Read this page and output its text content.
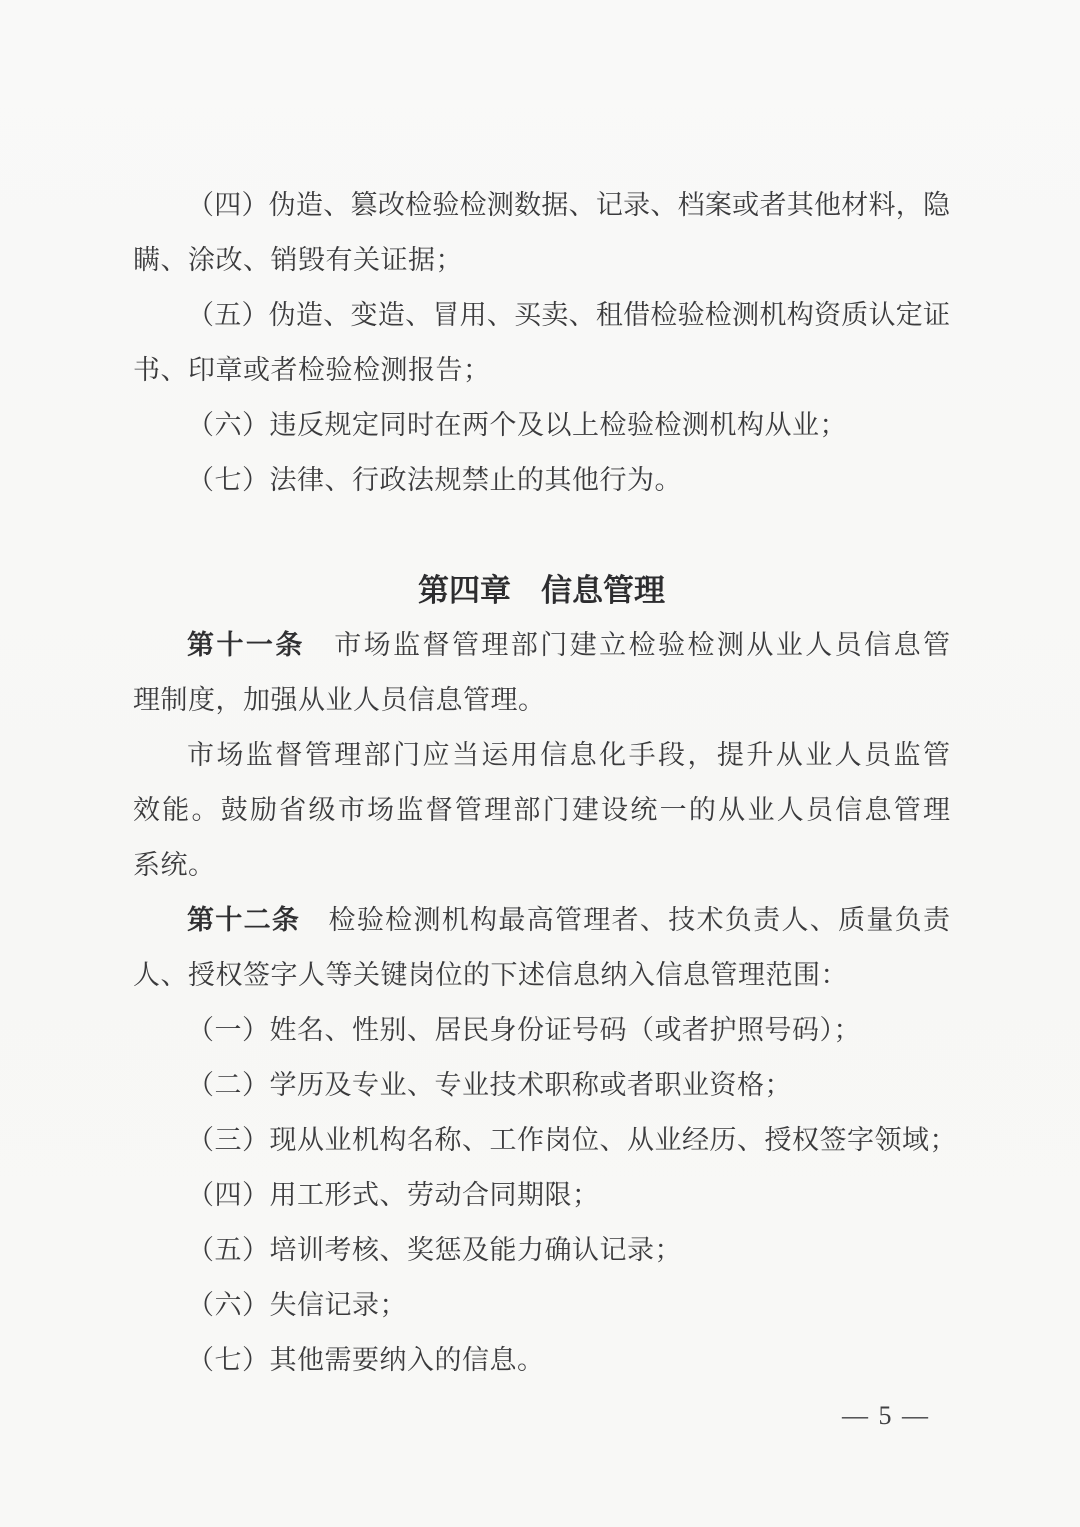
（四）伪造、篡改检验检测数据、记录、档案或者其他材料，隐
瞒、涂改、销毁有关证据；
（五）伪造、变造、冒用、买卖、租借检验检测机构资质认定证
书、印章或者检验检测报告；
（六）违反规定同时在两个及以上检验检测机构从业；
（七）法律、行政法规禁止的其他行为。
第四章 信息管理
第十一条　市场监督管理部门建立检验检测从业人员信息管
理制度，加强从业人员信息管理。
市场监督管理部门应当运用信息化手段，提升从业人员监管
效能。鼓励省级市场监督管理部门建设统一的从业人员信息管理
系统。
第十二条　检验检测机构最高管理者、技术负责人、质量负责
人、授权签字人等关键岗位的下述信息纳入信息管理范围：
（一）姓名、性别、居民身份证号码（或者护照号码）；
（二）学历及专业、专业技术职称或者职业资格；
（三）现从业机构名称、工作岗位、从业经历、授权签字领域；
（四）用工形式、劳动合同期限；
（五）培训考核、奖惩及能力确认记录；
（六）失信记录；
（七）其他需要纳入的信息。
— 5 —
